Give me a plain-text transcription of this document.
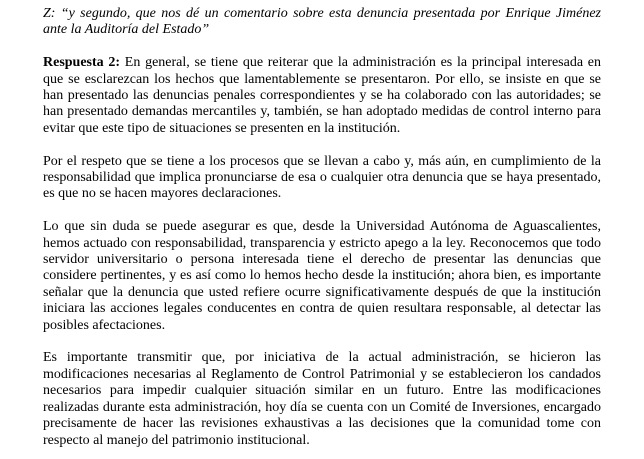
Z: “y segundo, que nos dé un comentario sobre esta denuncia presentada por Enrique Jiménez ante la Auditoría del Estado”

Respuesta 2: En general, se tiene que reiterar que la administración es la principal interesada en que se esclarezcan los hechos que lamentablemente se presentaron. Por ello, se insiste en que se han presentado las denuncias penales correspondientes y se ha colaborado con las autoridades; se han presentado demandas mercantiles y, también, se han adoptado medidas de control interno para evitar que este tipo de situaciones se presenten en la institución.

Por el respeto que se tiene a los procesos que se llevan a cabo y, más aún, en cumplimiento de la responsabilidad que implica pronunciarse de esa o cualquier otra denuncia que se haya presentado, es que no se hacen mayores declaraciones.

Lo que sin duda se puede asegurar es que, desde la Universidad Autónoma de Aguascalientes, hemos actuado con responsabilidad, transparencia y estricto apego a la ley. Reconocemos que todo servidor universitario o persona interesada tiene el derecho de presentar las denuncias que considere pertinentes, y es así como lo hemos hecho desde la institución; ahora bien, es importante señalar que la denuncia que usted refiere ocurre significativamente después de que la institución iniciara las acciones legales conducentes en contra de quien resultara responsable, al detectar las posibles afectaciones.

Es importante transmitir que, por iniciativa de la actual administración, se hicieron las modificaciones necesarias al Reglamento de Control Patrimonial y se establecieron los candados necesarios para impedir cualquier situación similar en un futuro. Entre las modificaciones realizadas durante esta administración, hoy día se cuenta con un Comité de Inversiones, encargado precisamente de hacer las revisiones exhaustivas a las decisiones que la comunidad tome con respecto al manejo del patrimonio institucional.
